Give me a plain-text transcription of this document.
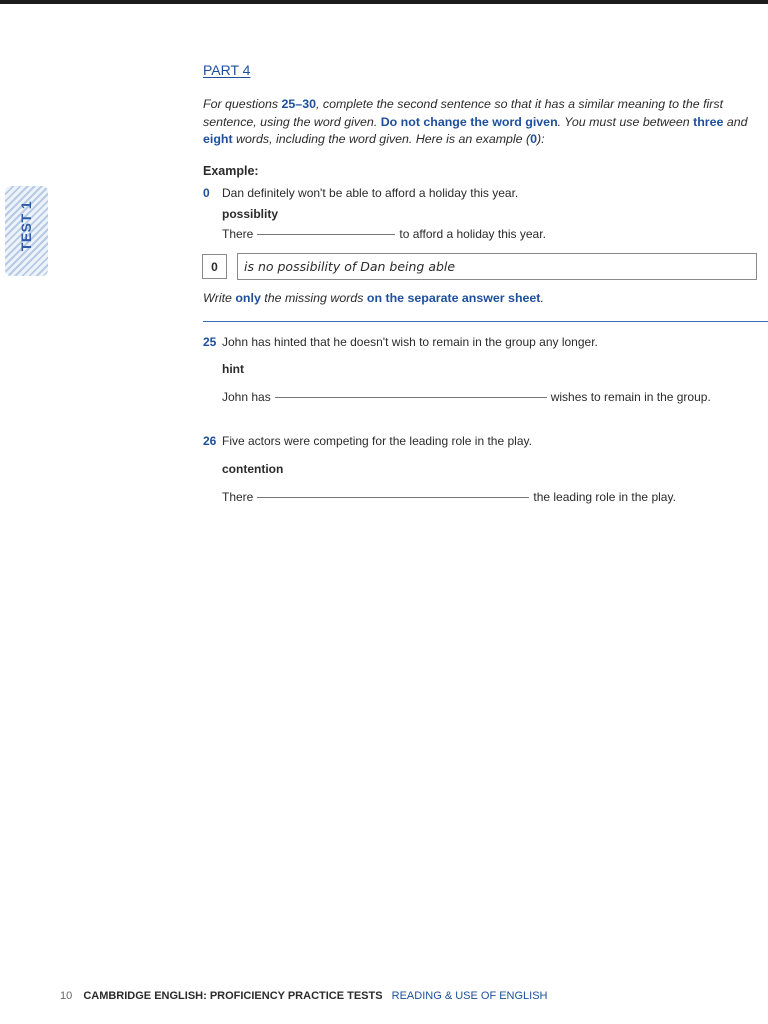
TEST 1
PART 4
For questions 25–30, complete the second sentence so that it has a similar meaning to the first sentence, using the word given. Do not change the word given. You must use between three and eight words, including the word given. Here is an example (0):
Example:
0 Dan definitely won't be able to afford a holiday this year.
possiblity
There	to afford a holiday this year.
0	is no possibility of Dan being able
Write only the missing words on the separate answer sheet.
25 John has hinted that he doesn't wish to remain in the group any longer.
hint
John has	wishes to remain in the group.
26 Five actors were competing for the leading role in the play.
contention
There	the leading role in the play.
10 CAMBRIDGE ENGLISH: PROFICIENCY PRACTICE TESTS READING & USE OF ENGLISH
